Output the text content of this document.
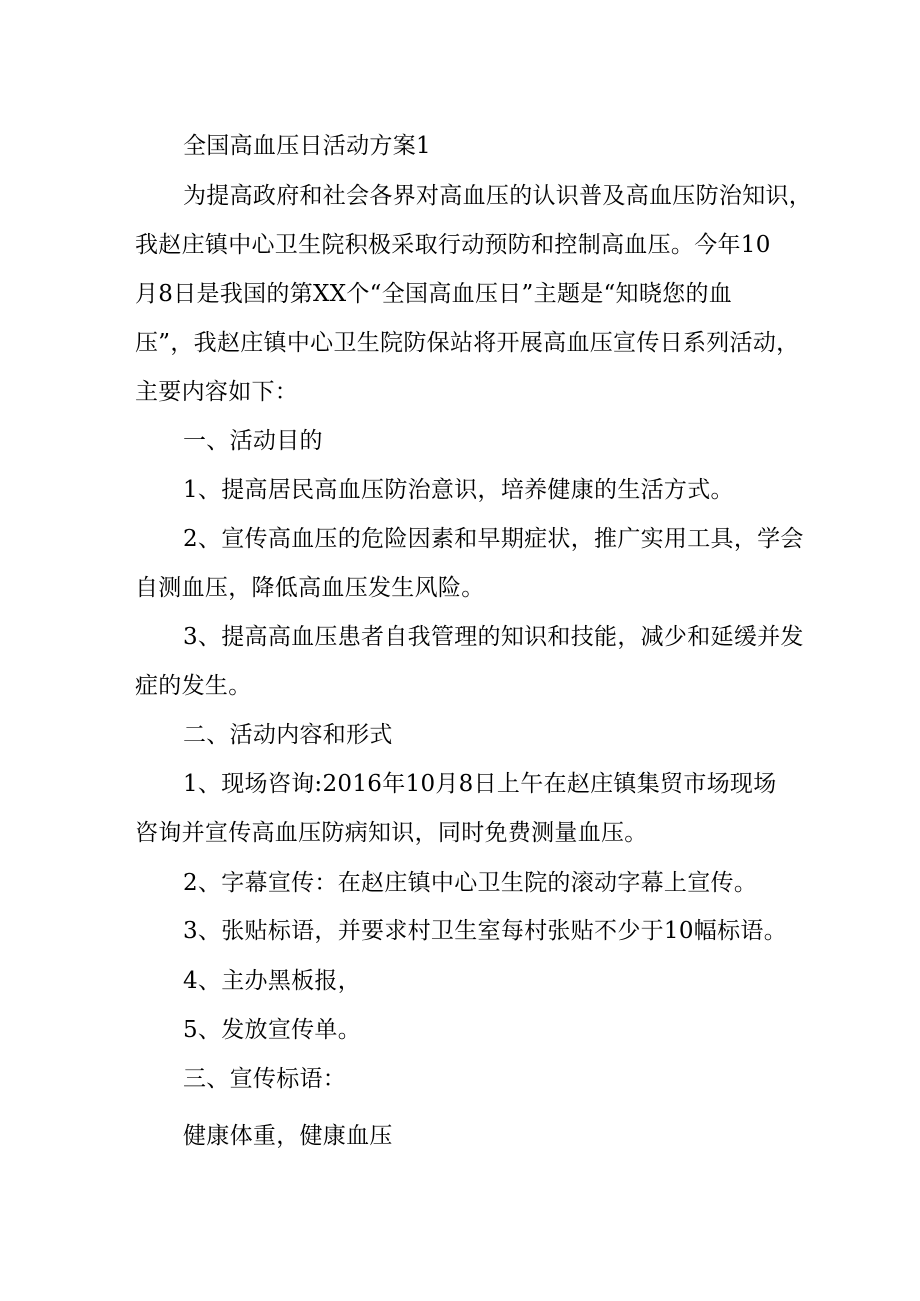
全国高血压日活动方案1
为提高政府和社会各界对高血压的认识普及高血压防治知识，
我赵庄镇中心卫生院积极采取行动预防和控制高血压。今年10
月8日是我国的第XX个“全国高血压日”主题是“知晓您的血
压”，我赵庄镇中心卫生院防保站将开展高血压宣传日系列活动，
主要内容如下：
一、活动目的
1、提高居民高血压防治意识，培养健康的生活方式。
2、宣传高血压的危险因素和早期症状，推广实用工具，学会
自测血压，降低高血压发生风险。
3、提高高血压患者自我管理的知识和技能，减少和延缓并发
症的发生。
二、活动内容和形式
1、现场咨询:2016年10月8日上午在赵庄镇集贸市场现场
咨询并宣传高血压防病知识，同时免费测量血压。
2、字幕宣传：在赵庄镇中心卫生院的滚动字幕上宣传。
3、张贴标语，并要求村卫生室每村张贴不少于10幅标语。
4、主办黑板报，
5、发放宣传单。
三、宣传标语：
健康体重，健康血压
